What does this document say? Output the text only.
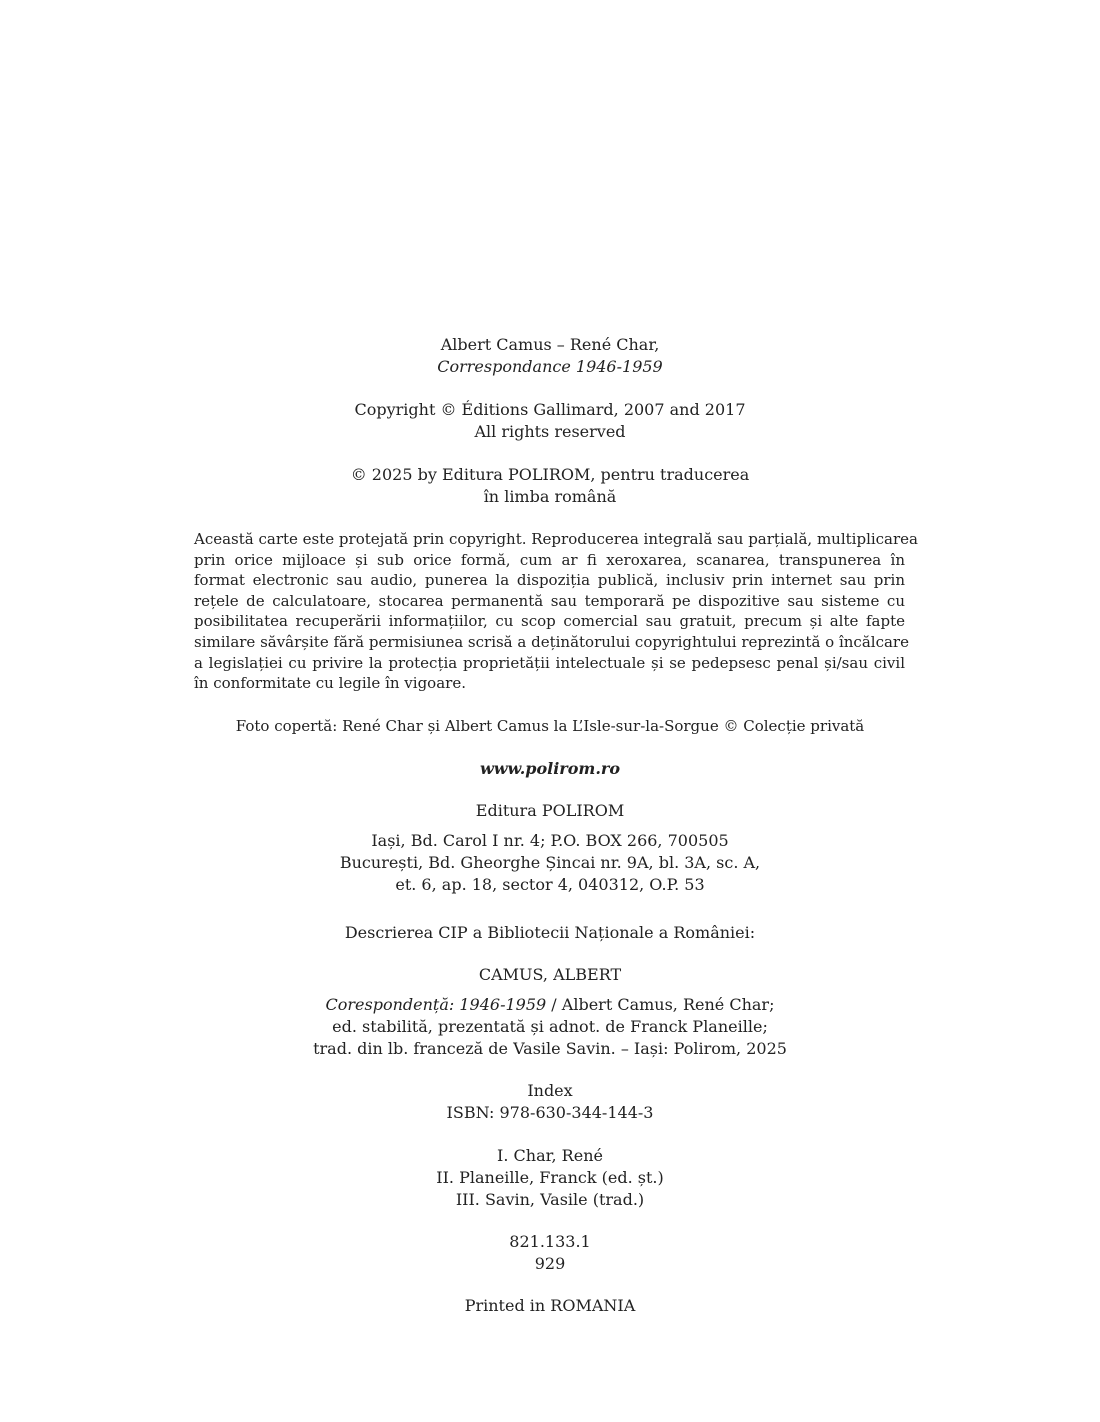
Albert Camus – René Char,
Correspondance 1946-1959
Copyright © Éditions Gallimard, 2007 and 2017
All rights reserved
© 2025 by Editura POLIROM, pentru traducerea
în limba română
Această carte este protejată prin copyright. Reproducerea integrală sau parțială, multiplicarea
prin orice mijloace și sub orice formă, cum ar fi xeroxarea, scanarea, transpunerea în
format electronic sau audio, punerea la dispoziția publică, inclusiv prin internet sau prin
rețele de calculatoare, stocarea permanentă sau temporară pe dispozitive sau sisteme cu
posibilitatea recuperării informațiilor, cu scop comercial sau gratuit, precum și alte fapte
similare săvârșite fără permisiunea scrisă a deținătorului copyrightului reprezintă o încălcare
a legislației cu privire la protecția proprietății intelectuale și se pedepsesc penal și/sau civil
în conformitate cu legile în vigoare.
Foto copertă: René Char și Albert Camus la L’Isle-sur-la-Sorgue © Colecție privată
www.polirom.ro
Editura POLIROM
Iași, Bd. Carol I nr. 4; P.O. BOX 266, 700505
București, Bd. Gheorghe Șincai nr. 9A, bl. 3A, sc. A,
et. 6, ap. 18, sector 4, 040312, O.P. 53
Descrierea CIP a Bibliotecii Naționale a României:
CAMUS, ALBERT
Corespondență: 1946-1959 / Albert Camus, René Char;
ed. stabilită, prezentată și adnot. de Franck Planeille;
trad. din lb. franceză de Vasile Savin. – Iași: Polirom, 2025
Index
ISBN: 978-630-344-144-3
I. Char, René
II. Planeille, Franck (ed. șt.)
III. Savin, Vasile (trad.)
821.133.1
929
Printed in ROMANIA
